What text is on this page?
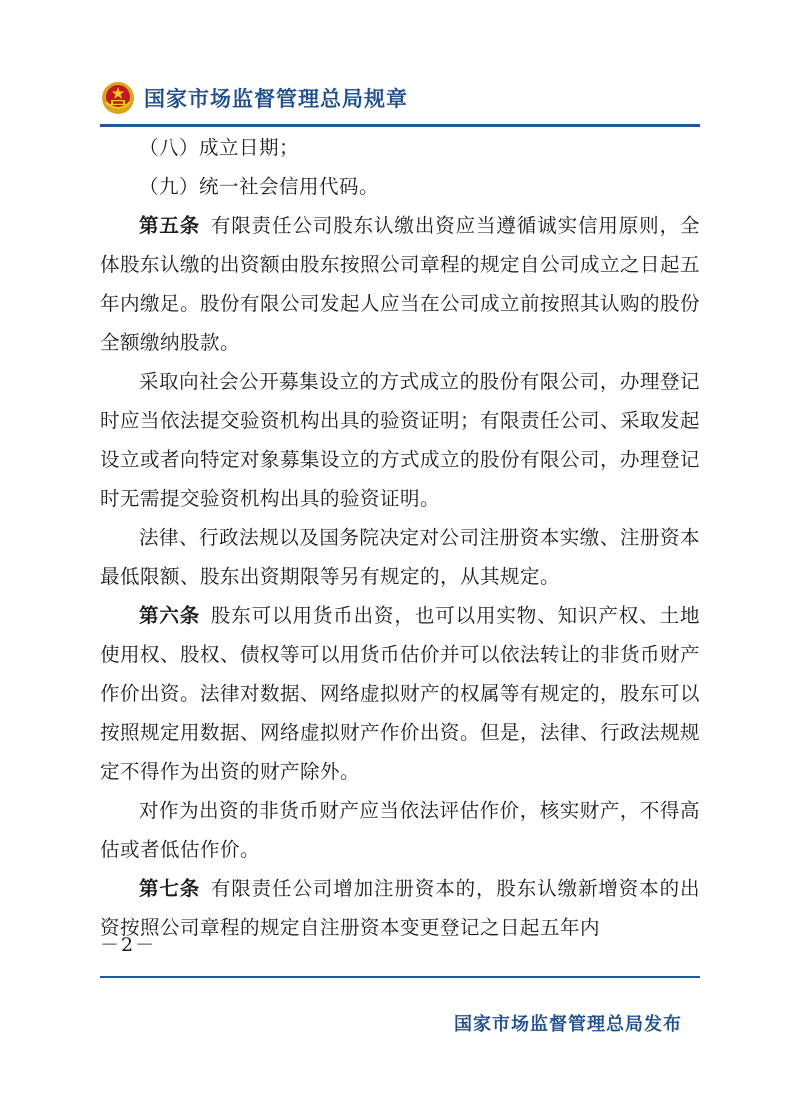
国家市场监督管理总局规章

（八）成立日期；

（九）统一社会信用代码。

第五条  有限责任公司股东认缴出资应当遵循诚实信用原则，全体股东认缴的出资额由股东按照公司章程的规定自公司成立之日起五年内缴足。股份有限公司发起人应当在公司成立前按照其认购的股份全额缴纳股款。

采取向社会公开募集设立的方式成立的股份有限公司，办理登记时应当依法提交验资机构出具的验资证明；有限责任公司、采取发起设立或者向特定对象募集设立的方式成立的股份有限公司，办理登记时无需提交验资机构出具的验资证明。

法律、行政法规以及国务院决定对公司注册资本实缴、注册资本最低限额、股东出资期限等另有规定的，从其规定。

第六条  股东可以用货币出资，也可以用实物、知识产权、土地使用权、股权、债权等可以用货币估价并可以依法转让的非货币财产作价出资。法律对数据、网络虚拟财产的权属等有规定的，股东可以按照规定用数据、网络虚拟财产作价出资。但是，法律、行政法规规定不得作为出资的财产除外。

对作为出资的非货币财产应当依法评估作价，核实财产，不得高估或者低估作价。

第七条  有限责任公司增加注册资本的，股东认缴新增资本的出资按照公司章程的规定自注册资本变更登记之日起五年内

－2－
国家市场监督管理总局发布
